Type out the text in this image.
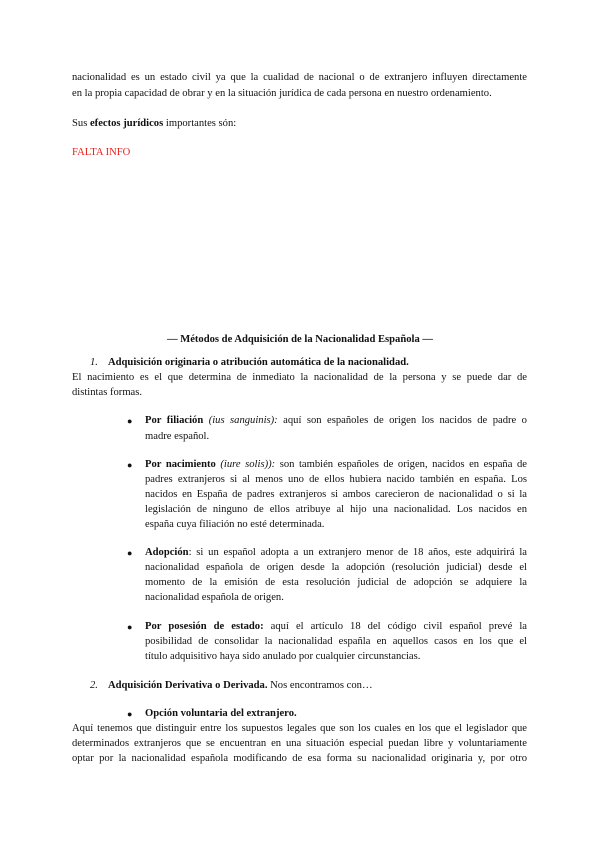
nacionalidad es un estado civil ya que la cualidad de nacional o de extranjero influyen directamente
en la propia capacidad de obrar y en la situación jurídica de cada persona en nuestro ordenamiento.
Sus efectos jurídicos importantes són:
FALTA INFO
— Métodos de Adquisición de la Nacionalidad Española —
1. Adquisición originaria o atribución automática de la nacionalidad.
El nacimiento es el que determina de inmediato la nacionalidad de la persona y se puede dar de
distintas formas.
● Por filiación (ius sanguinis): aquí son españoles de origen los nacidos de padre o
madre español.
● Por nacimiento (iure solis)): son también españoles de origen, nacidos en españa de
padres extranjeros si al menos uno de ellos hubiera nacido también en españa. Los
nacidos en España de padres extranjeros si ambos carecieron de nacionalidad o si la
legislación de ninguno de ellos atribuye al hijo una nacionalidad. Los nacidos en
españa cuya filiación no esté determinada.
● Adopción: si un español adopta a un extranjero menor de 18 años, este adquirirá la
nacionalidad española de origen desde la adopción (resolución judicial) desde el
momento de la emisión de esta resolución judicial de adopción se adquiere la
nacionalidad española de origen.
● Por posesión de estado: aquí el artículo 18 del código civil español prevé la
posibilidad de consolidar la nacionalidad españla en aquellos casos en los que el
título adquisitivo haya sido anulado por cualquier circunstancias.
2. Adquisición Derivativa o Derivada. Nos encontramos con…
● Opción voluntaria del extranjero.
Aquí tenemos que distinguir entre los supuestos legales que son los cuales en los que el legislador que
determinados extranjeros que se encuentran en una situación especial puedan libre y voluntariamente
optar por la nacionalidad española modificando de esa forma su nacionalidad originaria y, por otro
